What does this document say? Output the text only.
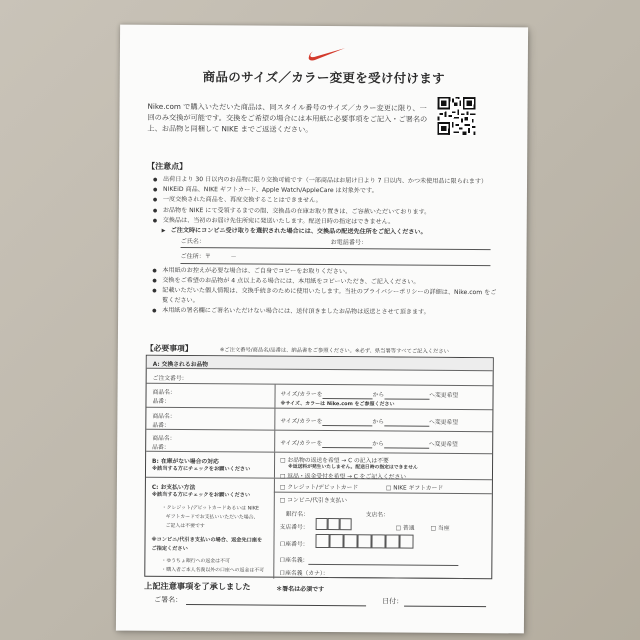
商品のサイズ／カラー変更を受け付けます
Nike.com で購入いただいた商品は、同スタイル番号のサイズ／カラー変更に限り、一回のみ交換が可能です。交換をご希望の場合には本用紙に必要事項をご記入・ご署名の上、お品物と同梱して NIKE までご返送ください。
【注意点】
● 出荷日より 30 日以内のお品物に限り交換可能です（一部商品はお届け日より 7 日以内、かつ未使用品に限られます）
● NIKEiD 商品、NIKE ギフトカード、Apple Watch/AppleCare は対象外です。
● 一度交換された商品を、再度交換することはできません。
● お品物を NIKE にて受領するまでの間、交換品の在庫お取り置きは、ご容赦いただいております。
● 交換品は、当初のお届け先住所宛に発送いたします。配送日時の指定はできません。
▶ ご注文時にコンビニ受け取りを選択された場合には、交換品の配送先住所をご記入ください。
ご氏名：	お電話番号：
ご住所：〒	－
● 本用紙のお控えが必要な場合は、ご自身でコピーをお取りください。
● 交換をご希望のお品物が 4 点以上ある場合には、本用紙をコピーいただき、ご記入ください。
● 記載いただいた個人情報は、交換手続きのために使用いたします。当社のプライバシーポリシーの詳細は、Nike.com をご覧ください。
● 本用紙の署名欄にご署名いただけない場合には、送付頂きましたお品物は返送とさせて頂きます。
【必要事項】	※ご注文番号/商品名/品番は、納品書をご参照ください。※必ず、県当署等すべてご記入ください
A: 交換されるお品物
ご注文番号：
商品名：
品番：
サイズ/カラーを	から	へ変更希望
※サイズ、カラーは Nike.com をご参照ください
商品名：
品番：
サイズ/カラーを	から	へ変更希望
商品名：
品番：
サイズ/カラーを	から	へ変更希望
B: 在庫がない場合の対応
※該当する方にチェックをお願いください
□ お品物の返送を希望 → C の記入は不要
※返送料が発生いたしません。配送日時の指定はできません
□ 返品・返金受付を希望 → C をご記入ください
C: お支払い方法
※該当する方にチェックをお願いください
・クレジット/デビットカードあるいは NIKE
ギフトカードでお支払いいただいた場合、
ご記入は不要です
※コンビニ/代引き支払いの場合、返金先口座を
ご指定ください
・ゆうちょ銀行への返金は不可
・購入者ご本人名義以外の口座への返金は不可
□ クレジット/デビットカード	□ NIKE ギフトカード
□ コンビニ/代引き支払い
銀行名：	支店名：
支店番号：	□ 普通	□ 当座
口座番号：
口座名義：
口座名義（カナ）：
上記注意事項を了承しました	＊署名は必須です
ご署名：	日付：
